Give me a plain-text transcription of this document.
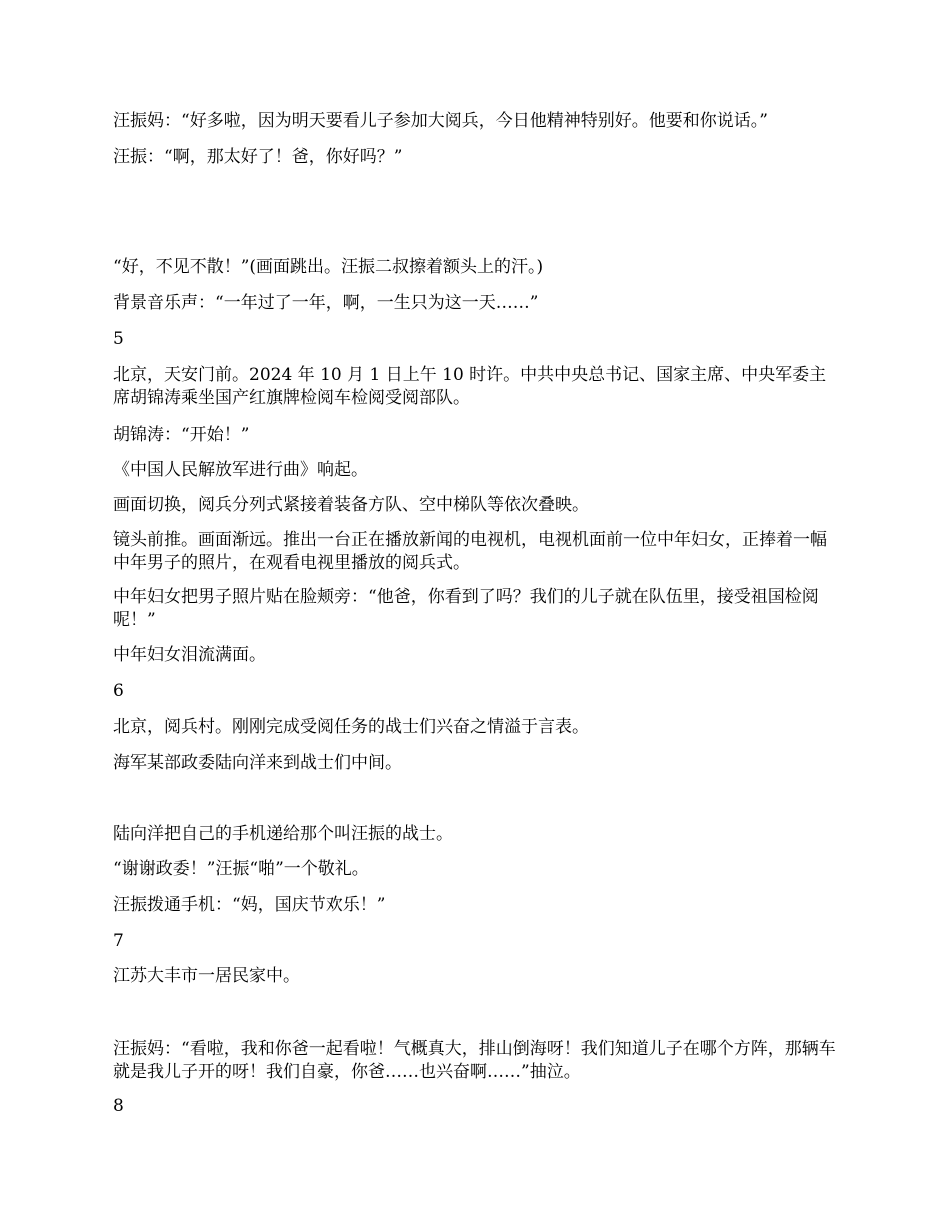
汪振妈：“好多啦，因为明天要看儿子参加大阅兵，今日他精神特别好。他要和你说话。”

汪振：“啊，那太好了！爸，你好吗？”

“好，不见不散！”(画面跳出。汪振二叔擦着额头上的汗。)

背景音乐声：“一年过了一年，啊，一生只为这一天……”

5

北京，天安门前。2024 年 10 月 1 日上午 10 时许。中共中央总书记、国家主席、中央军委主席胡锦涛乘坐国产红旗牌检阅车检阅受阅部队。

胡锦涛：“开始！”

《中国人民解放军进行曲》响起。

画面切换，阅兵分列式紧接着装备方队、空中梯队等依次叠映。

镜头前推。画面渐远。推出一台正在播放新闻的电视机，电视机面前一位中年妇女，正捧着一幅中年男子的照片，在观看电视里播放的阅兵式。

中年妇女把男子照片贴在脸颊旁：“他爸，你看到了吗？我们的儿子就在队伍里，接受祖国检阅呢！”

中年妇女泪流满面。

6

北京，阅兵村。刚刚完成受阅任务的战士们兴奋之情溢于言表。

海军某部政委陆向洋来到战士们中间。

陆向洋把自己的手机递给那个叫汪振的战士。

“谢谢政委！”汪振“啪”一个敬礼。

汪振拨通手机：“妈，国庆节欢乐！”

7

江苏大丰市一居民家中。

汪振妈：“看啦，我和你爸一起看啦！气概真大，排山倒海呀！我们知道儿子在哪个方阵，那辆车就是我儿子开的呀！我们自豪，你爸……也兴奋啊……”抽泣。

8
